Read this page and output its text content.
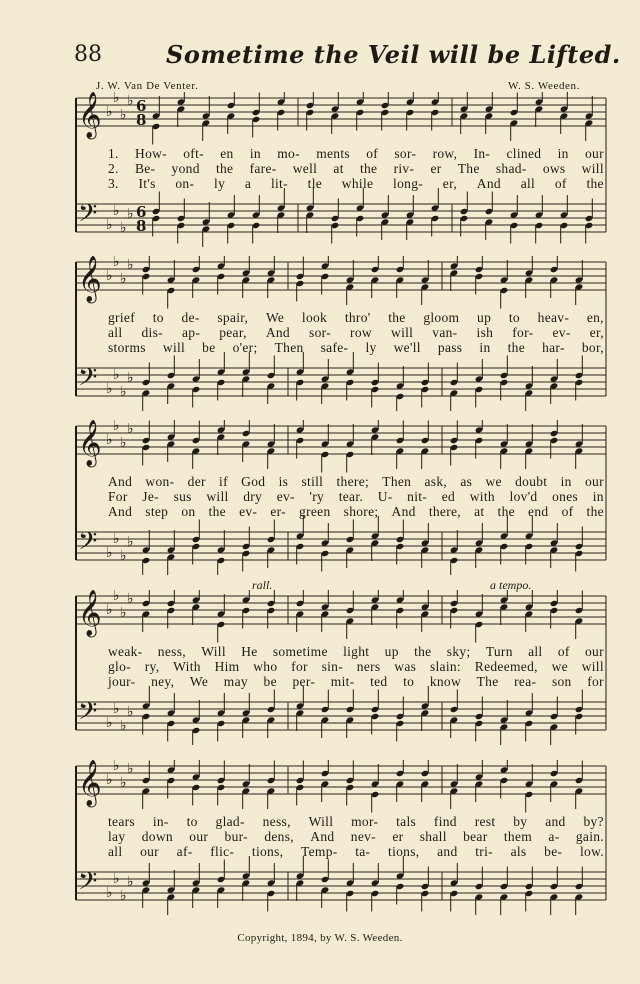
88	Sometime the Veil will be Lifted.
J. W. Van De Venter.	W. S. Weeden.
𝄞 ♭
♭
♭
♭ 6
8
𝄢 ♭
♭
♭
♭ 6
8
1. How- oft- en in mo- ments of sor- row, In- clined in our
2. Be- yond the fare- well at the riv- er The shad- ows will
3. It's on- ly a lit- tle while long- er, And all of the
𝄞 ♭
♭
♭
♭
𝄢 ♭
♭
♭
♭
grief to de- spair, We look thro' the gloom up to heav- en,
all dis- ap- pear, And sor- row will van- ish for- ev- er,
storms will be o'er; Then safe- ly we'll pass in the har- bor,
𝄞 ♭
♭
♭
♭
𝄢 ♭
♭
♭
♭
And won- der if God is still there; Then ask, as we doubt in our
For Je- sus will dry ev- 'ry tear. U- nit- ed with lov'd ones in
And step on the ev- er- green shore; And there, at the end of the
𝄞 ♭
♭
♭
♭
𝄢 ♭
♭
♭
♭
weak- ness, Will He sometime light up the sky; Turn all of our
glo- ry, With Him who for sin- ners was slain: Redeemed, we will
jour- ney, We may be per- mit- ted to know The rea- son for
rall.	a tempo.
𝄞 ♭
♭
♭
♭
𝄢 ♭
♭
♭
♭
tears in- to glad- ness, Will mor- tals find rest by and by?
lay down our bur- dens, And nev- er shall bear them a- gain.
all our af- flic- tions, Temp- ta- tions, and tri- als be- low.
Copyright, 1894, by W. S. Weeden.
